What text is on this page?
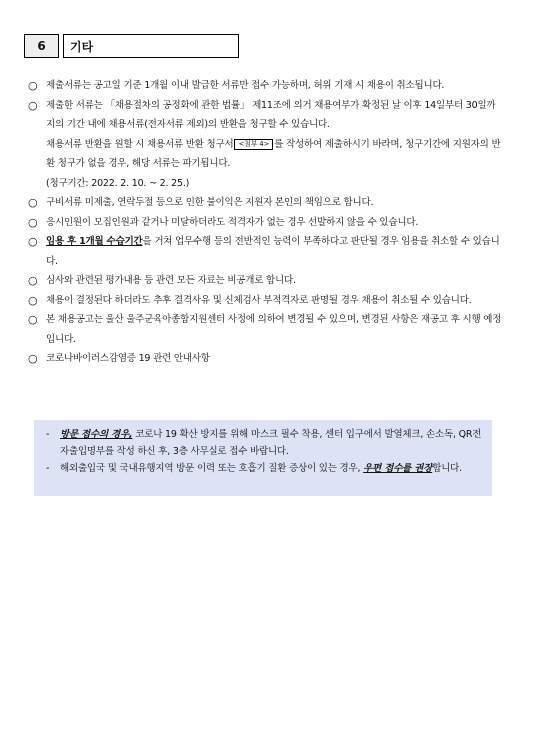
6	기타
○ 제출서류는 공고일 기준 1개월 이내 발급한 서류만 접수 가능하며, 허위 기재 시 채용이 취소됩니다.
○ 제출한 서류는 「채용절차의 공정화에 관한 법률」 제11조에 의거 채용여부가 확정된 날 이후 14일부터 30일까지의 기간 내에 채용서류(전자서류 제외)의 반환을 청구할 수 있습니다.

채용서류 반환을 원할 시 채용서류 반환 청구서 <첨부 4> 를 작성하여 제출하시기 바라며, 청구기간에 지원자의 반환 청구가 없을 경우, 해당 서류는 파기됩니다.

(청구기간: 2022. 2. 10. ~ 2. 25.)

○ 구비서류 미제출, 연락두절 등으로 인한 불이익은 지원자 본인의 책임으로 합니다.
○ 응시인원이 모집인원과 같거나 미달하더라도 적격자가 없는 경우 선발하지 않을 수 있습니다.
○ 임용 후 1개월 수습기간을 거쳐 업무수행 등의 전반적인 능력이 부족하다고 판단될 경우 임용을 취소할 수 있습니다.
○ 심사와 관련된 평가내용 등 관련 모든 자료는 비공개로 합니다.
○ 채용이 결정된다 하더라도 추후 결격사유 및 신체검사 부적격자로 판명될 경우 채용이 취소될 수 있습니다.
○ 본 채용공고는 울산 울주군육아종합지원센터 사정에 의하여 변경될 수 있으며, 변경된 사항은 재공고 후 시행 예정입니다.
○ 코로나바이러스감염증 19 관련 안내사항
-	방문 접수의 경우, 코로나 19 확산 방지를 위해 마스크 필수 착용, 센터 입구에서 발열체크, 손소독, QR전자출입명부를 작성 하신 후, 3층 사무실로 접수 바랍니다.
-	해외출입국 및 국내유행지역 방문 이력 또는 호흡기 질환 증상이 있는 경우, 우편 접수를 권장합니다.
